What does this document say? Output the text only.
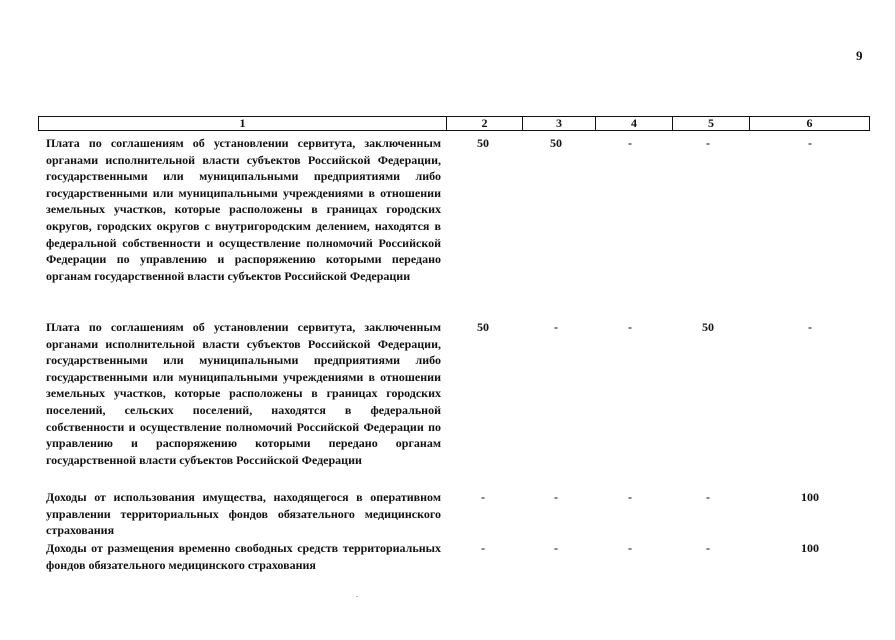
9
1	2	3	4	5	6
Плата по соглашениям об установлении сервитута, заключенным органами исполнительной власти субъектов Российской Федерации, государственными или муниципальными предприятиями либо государственными или муниципальными учреждениями в отношении земельных участков, которые расположены в границах городских округов, городских округов с внутригородским делением, находятся в федеральной собственности и осуществление полномочий Российской Федерации по управлению и распоряжению которыми передано органам государственной власти субъектов Российской Федерации
50	50	-	-	-
Плата по соглашениям об установлении сервитута, заключенным органами исполнительной власти субъектов Российской Федерации, государственными или муниципальными предприятиями либо государственными или муниципальными учреждениями в отношении земельных участков, которые расположены в границах городских поселений, сельских поселений, находятся в федеральной собственности и осуществление полномочий Российской Федерации по управлению и распоряжению которыми передано органам государственной власти субъектов Российской Федерации
50	-	-	50	-
Доходы от использования имущества, находящегося в оперативном управлении территориальных фондов обязательного медицинского страхования
-	-	-	-	100
Доходы от размещения временно свободных средств территориальных фондов обязательного медицинского страхования
-	-	-	-	100
